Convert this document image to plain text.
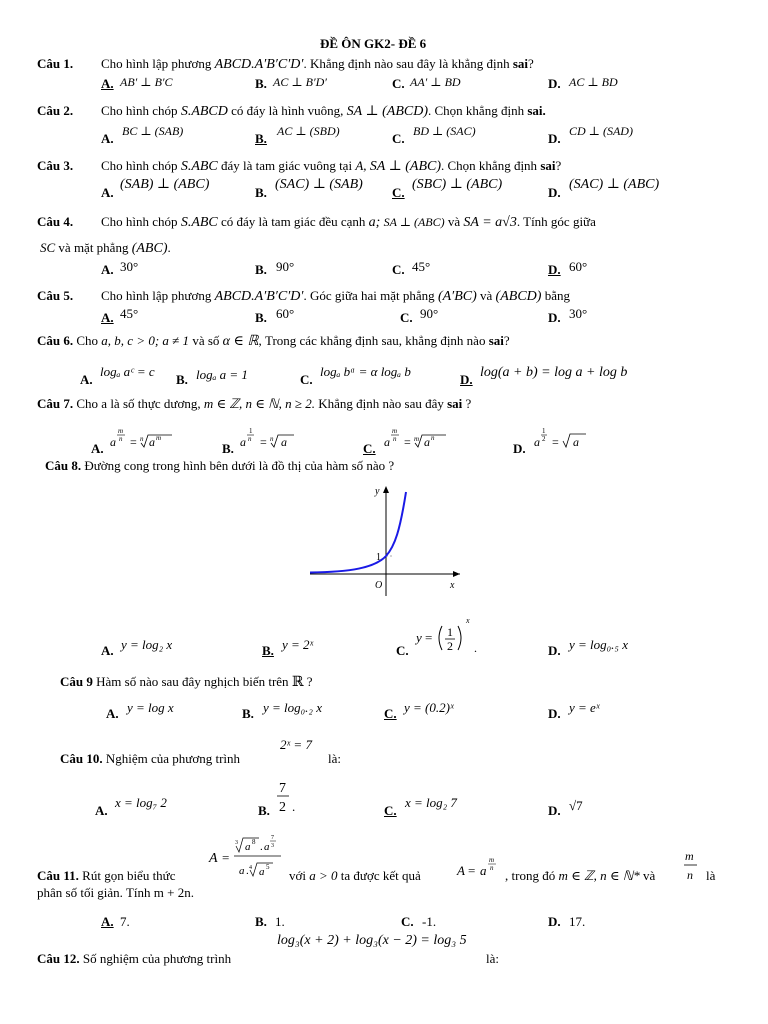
ĐỀ ÔN GK2- ĐỀ 6
Câu 1. Cho hình lập phương ABCD.A′B′C′D′. Khẳng định nào sau đây là khẳng định sai?
A. AB′ ⊥ B′C	B. AC ⊥ B′D′	C. AA′ ⊥ BD	D. AC ⊥ BD
Câu 2. Cho hình chóp S.ABCD có đáy là hình vuông, SA ⊥ (ABCD). Chọn khẳng định sai.
A. BC ⊥ (SAB)	B. AC ⊥ (SBD)	C. BD ⊥ (SAC)	D. CD ⊥ (SAD)
Câu 3. Cho hình chóp S.ABC đáy là tam giác vuông tại A, SA ⊥ (ABC). Chọn khẳng định sai?
A.
(SAB) ⊥ (ABC)
B.
(SAC) ⊥ (SAB)
C.
(SBC) ⊥ (ABC)
D.
(SAC) ⊥ (ABC)
Câu 4. Cho hình chóp S.ABC có đáy là tam giác đều cạnh a; SA ⊥ (ABC) và SA = a√3. Tính góc giữa
SC và mặt phẳng (ABC).
A. 30°	B. 90°	C. 45°	D. 60°
Câu 5. Cho hình lập phương ABCD.A′B′C′D′. Góc giữa hai mặt phẳng (A′BC) và (ABCD) bằng
A. 45°	B. 60°	C. 90°	D. 30°
Câu 6. Cho a, b, c > 0; a ≠ 1 và số α ∈ ℝ, Trong các khẳng định sau, khẳng định nào sai?
A.
logₐ aᶜ = c
B. logₐ a = 1	C.
logₐ bᵅ = α logₐ b
D. log(a + b) = log a + log b
Câu 7. Cho a là số thực dương, m ∈ ℤ, n ∈ ℕ, n ≥ 2. Khẳng định nào sau đây sai ?
A. a
m
n = n a m
B. a
1
n = n a	C. a
m
n = m a n
D. a
1
2 = a
Câu 8. Đường cong trong hình bên dưới là đồ thị của hàm số nào ?
y
x
O
1
A. y = log₂ x	B. y = 2ˣ	C.
y = 1
2
x
.	D. y = log₀.₅ x
Câu 9 Hàm số nào sau đây nghịch biến trên ℝ ?
A. y = log x	B. y = log₀.₂ x	C. y = (0.2)ˣ	D. y = eˣ
Câu 10. Nghiệm của phương trình
2ˣ = 7
là:
A.
x = log₇ 2
B.
7
2 .	C.
x = log₂ 7
D. √7
Câu 11. Rút gọn biểu thức
A =
3 a 8 . a
7
3
a . 4 a 5
với a > 0 ta được kết quả	A = a
m
n , trong đó m ∈ ℤ, n ∈ ℕ* và
m
n là
phân số tối giản. Tính m + 2n.
A. 7.	B. 1.	C. -1.	D. 17.
Câu 12. Số nghiệm của phương trình
log₃(x + 2) + log₃(x − 2) = log₃ 5
là:
